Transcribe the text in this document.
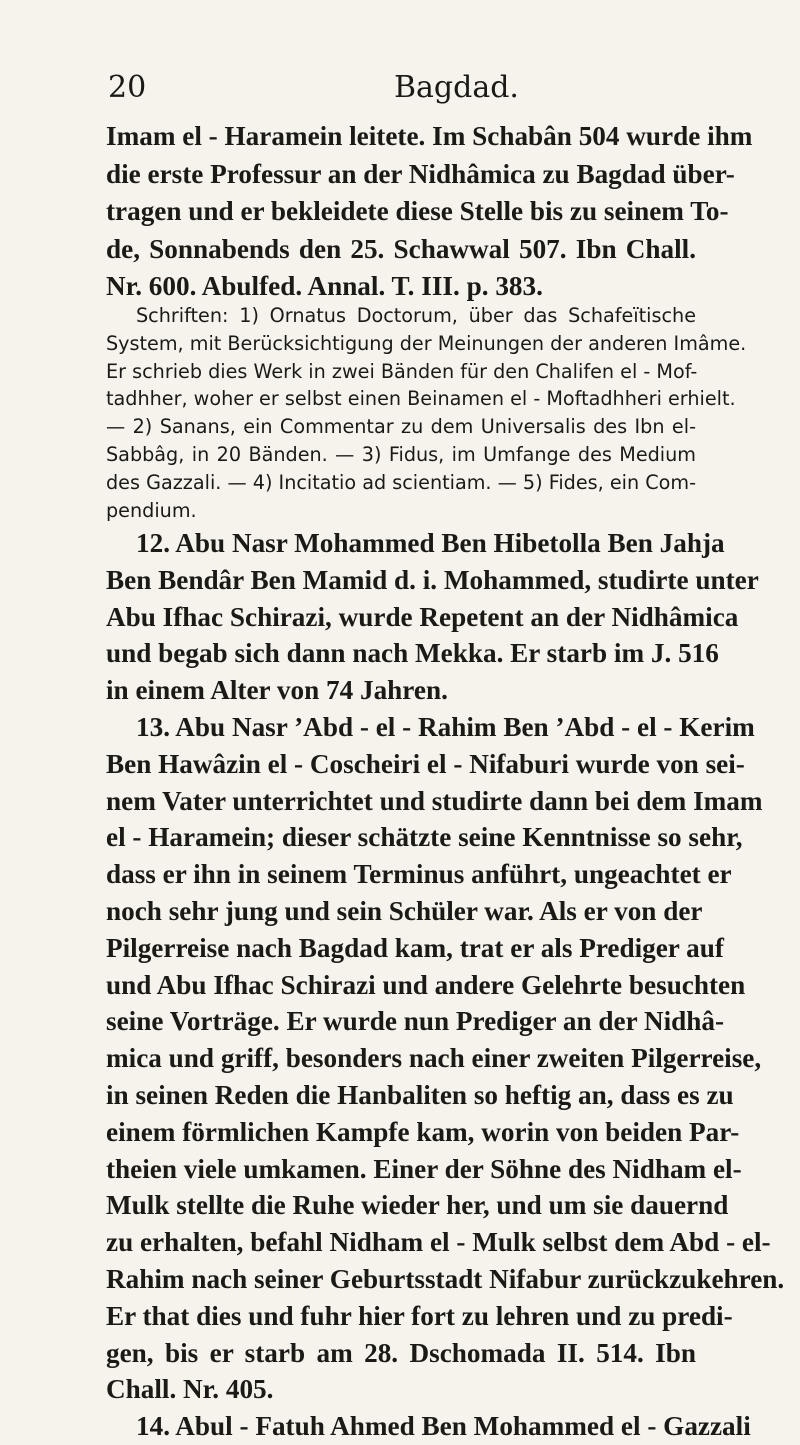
20	Bagdad.
Imam el - Haramein leitete. Im Schabân 504 wurde ihm
die erste Professur an der Nidhâmica zu Bagdad über-
tragen und er bekleidete diese Stelle bis zu seinem To-
de, Sonnabends den 25. Schawwal 507. Ibn Chall.
Nr. 600. Abulfed. Annal. T. III. p. 383.
Schriften: 1) Ornatus Doctorum, über das Schafeïtische
System, mit Berücksichtigung der Meinungen der anderen Imâme.
Er schrieb dies Werk in zwei Bänden für den Chalifen el - Mof-
tadhher, woher er selbst einen Beinamen el - Moftadhheri erhielt.
— 2) Sanans, ein Commentar zu dem Universalis des Ibn el-
Sabbâg, in 20 Bänden. — 3) Fidus, im Umfange des Medium
des Gazzali. — 4) Incitatio ad scientiam. — 5) Fides, ein Com-
pendium.
12. Abu Nasr Mohammed Ben Hibetolla Ben Jahja
Ben Bendâr Ben Mamid d. i. Mohammed, studirte unter
Abu Ifhac Schirazi, wurde Repetent an der Nidhâmica
und begab sich dann nach Mekka. Er starb im J. 516
in einem Alter von 74 Jahren.
13. Abu Nasr ’Abd - el - Rahim Ben ’Abd - el - Kerim
Ben Hawâzin el - Coscheiri el - Nifaburi wurde von sei-
nem Vater unterrichtet und studirte dann bei dem Imam
el - Haramein; dieser schätzte seine Kenntnisse so sehr,
dass er ihn in seinem Terminus anführt, ungeachtet er
noch sehr jung und sein Schüler war. Als er von der
Pilgerreise nach Bagdad kam, trat er als Prediger auf
und Abu Ifhac Schirazi und andere Gelehrte besuchten
seine Vorträge. Er wurde nun Prediger an der Nidhâ-
mica und griff, besonders nach einer zweiten Pilgerreise,
in seinen Reden die Hanbaliten so heftig an, dass es zu
einem förmlichen Kampfe kam, worin von beiden Par-
theien viele umkamen. Einer der Söhne des Nidham el-
Mulk stellte die Ruhe wieder her, und um sie dauernd
zu erhalten, befahl Nidham el - Mulk selbst dem Abd - el-
Rahim nach seiner Geburtsstadt Nifabur zurückzukehren.
Er that dies und fuhr hier fort zu lehren und zu predi-
gen, bis er starb am 28. Dschomada II. 514. Ibn
Chall. Nr. 405.
14. Abul - Fatuh Ahmed Ben Mohammed el - Gazzali
